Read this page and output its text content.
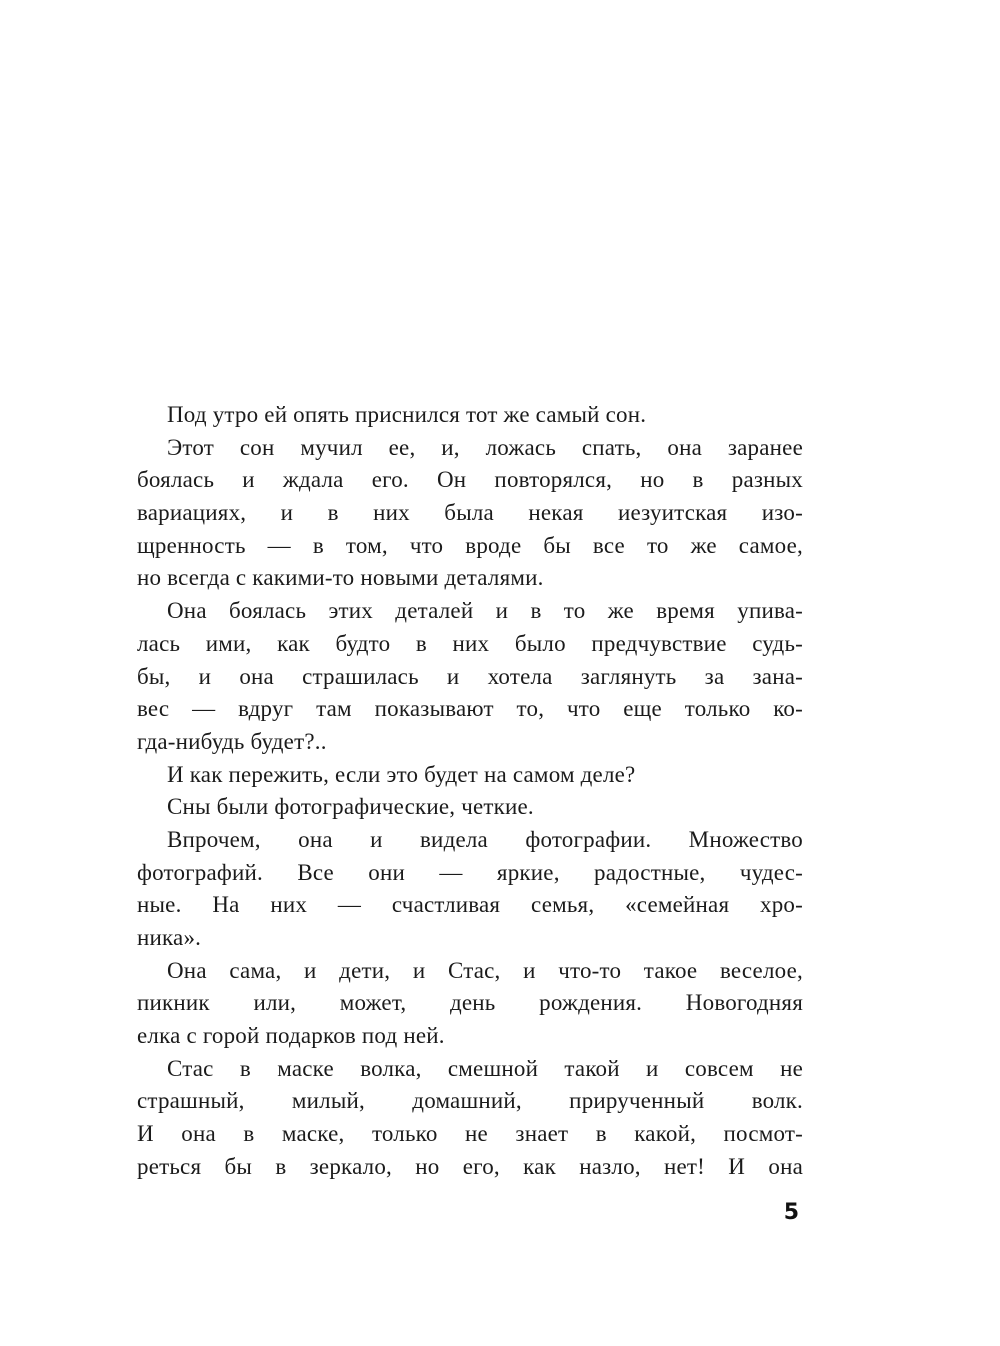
Под утро ей опять приснился тот же самый сон.
Этот сон мучил ее, и, ложась спать, она заранее
боялась и ждала его. Он повторялся, но в разных
вариациях, и в них была некая иезуитская изо-
щренность — в том, что вроде бы все то же самое,
но всегда с какими-то новыми деталями.
Она боялась этих деталей и в то же время упива-
лась ими, как будто в них было предчувствие судь-
бы, и она страшилась и хотела заглянуть за зана-
вес — вдруг там показывают то, что еще только ко-
гда-нибудь будет?..
И как пережить, если это будет на самом деле?
Сны были фотографические, четкие.
Впрочем, она и видела фотографии. Множество
фотографий. Все они — яркие, радостные, чудес-
ные. На них — счастливая семья, «семейная хро-
ника».
Она сама, и дети, и Стас, и что-то такое веселое,
пикник или, может, день рождения. Новогодняя
елка с горой подарков под ней.
Стас в маске волка, смешной такой и совсем не
страшный, милый, домашний, прирученный волк.
И она в маске, только не знает в какой, посмот-
реться бы в зеркало, но его, как назло, нет! И она
5
